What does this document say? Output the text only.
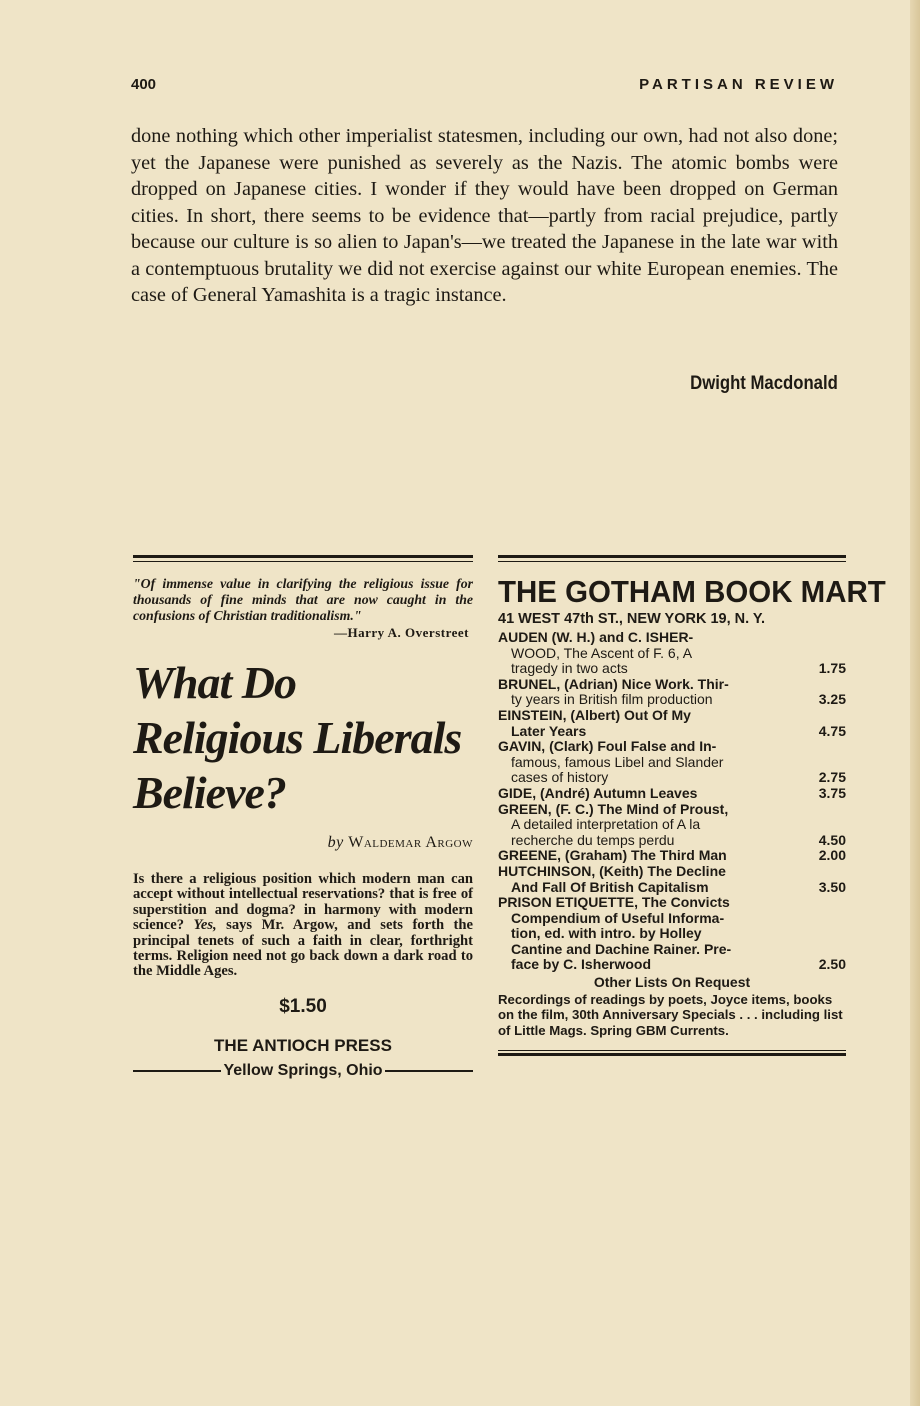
400	PARTISAN REVIEW

done nothing which other imperialist statesmen, including our own, had not also done; yet the Japanese were punished as severely as the Nazis. The atomic bombs were dropped on Japanese cities. I wonder if they would have been dropped on German cities. In short, there seems to be evidence that—partly from racial prejudice, partly because our culture is so alien to Japan's—we treated the Japanese in the late war with a contemptuous brutality we did not exercise against our white European enemies. The case of General Yamashita is a tragic instance.

Dwight Macdonald

"Of immense value in clarifying the religious issue for thousands of fine minds that are now caught in the confusions of Christian traditionalism."

—Harry A. Overstreet
What Do
Religious Liberals
Believe?
by Waldemar Argow

Is there a religious position which modern man can accept without intellectual reservations? that is free of superstition and dogma? in harmony with modern science? Yes, says Mr. Argow, and sets forth the principal tenets of such a faith in clear, forthright terms. Religion need not go back down a dark road to the Middle Ages.

$1.50
THE ANTIOCH PRESS
Yellow Springs, Ohio
THE GOTHAM BOOK MART
41 WEST 47th ST., NEW YORK 19, N. Y.
AUDEN (W. H.) and C. ISHER-
WOOD, The Ascent of F. 6, A
tragedy in two acts	1.75
BRUNEL, (Adrian) Nice Work. Thir-
ty years in British film production	3.25
EINSTEIN, (Albert) Out Of My
Later Years	4.75
GAVIN, (Clark) Foul False and In-
famous, famous Libel and Slander
cases of history	2.75
GIDE, (André) Autumn Leaves	3.75
GREEN, (F. C.) The Mind of Proust,
A detailed interpretation of A la
recherche du temps perdu	4.50
GREENE, (Graham) The Third Man	2.00
HUTCHINSON, (Keith) The Decline
And Fall Of British Capitalism	3.50
PRISON ETIQUETTE, The Convicts
Compendium of Useful Informa-
tion, ed. with intro. by Holley
Cantine and Dachine Rainer. Pre-
face by C. Isherwood	2.50
Other Lists On Request
Recordings of readings by poets, Joyce items, books on the film, 30th Anniversary Specials . . . including list of Little Mags. Spring GBM Currents.
